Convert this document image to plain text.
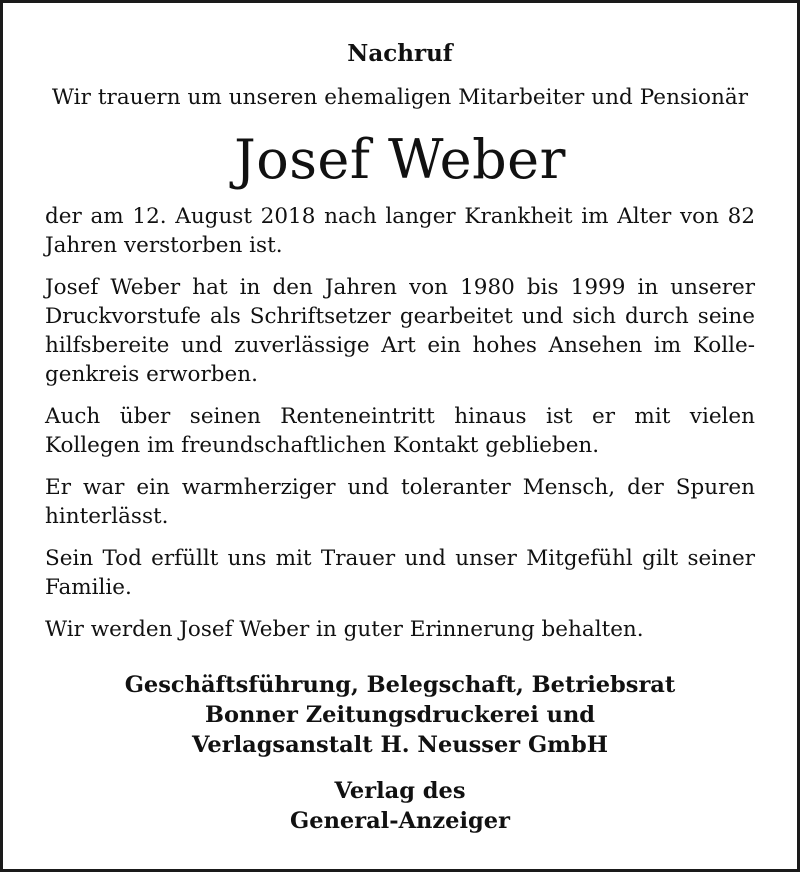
Nachruf

Wir trauern um unseren ehemaligen Mitarbeiter und Pensionär

Josef Weber

der am 12. August 2018 nach langer Krankheit im Alter von 82 Jahren verstorben ist.

Josef Weber hat in den Jahren von 1980 bis 1999 in unserer Druckvorstufe als Schriftsetzer gearbeitet und sich durch seine hilfsbereite und zuverlässige Art ein hohes Ansehen im Kollegenkreis erworben.

Auch über seinen Renteneintritt hinaus ist er mit vielen Kollegen im freundschaftlichen Kontakt geblieben.

Er war ein warmherziger und toleranter Mensch, der Spuren hinterlässt.

Sein Tod erfüllt uns mit Trauer und unser Mitgefühl gilt seiner Familie.

Wir werden Josef Weber in guter Erinnerung behalten.

Geschäftsführung, Belegschaft, Betriebsrat

Bonner Zeitungsdruckerei und

Verlagsanstalt H. Neusser GmbH

Verlag des

General-Anzeiger
